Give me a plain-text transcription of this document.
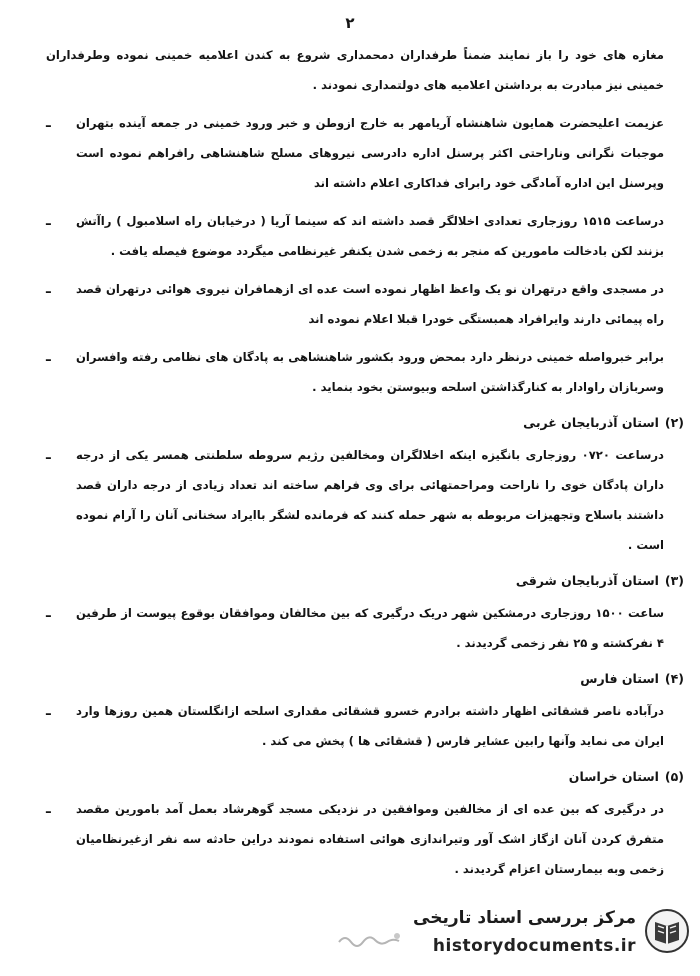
۲
مغازه های خود را باز نمایند ضمناً طرفداران دمحمداری شروع به کندن اعلامیه خمینی نموده وطرفداران خمینی نیز مبادرت به برداشتن اعلامیه های دولتمداری نمودند .
ـ عزیمت اعلیحضرت همایون شاهنشاه آریامهر به خارج ازوطن و خبر ورود خمینی در جمعه آینده بتهران موجبات نگرانی وناراحتی اکثر پرسنل اداره دادرسی نیروهای مسلح شاهنشاهی رافراهم نموده است وپرسنل این اداره آمادگی خود رابرای فداکاری اعلام داشته اند
ـ درساعت ۱۵۱۵ روزجاری تعدادی اخلالگر قصد داشته اند که سینما آریا ( درخیابان راه اسلامبول ) راآتش بزنند لکن بادخالت مامورین که منجر به زخمی شدن یکنفر غیرنظامی میگردد موضوع فیصله یافت .
ـ در مسجدی واقع درتهران نو یک واعظ اظهار نموده است عده ای ازهمافران نیروی هوائی درتهران قصد راه پیمائی دارند وایرافراد همبستگی خودرا قبلا اعلام نموده اند
ـ برابر خبرواصله خمینی درنظر دارد بمحض ورود بکشور شاهنشاهی به پادگان های نظامی رفته وافسران وسربازان راوادار به کنارگذاشتن اسلحه وبیوستن بخود بنماید .
(۲)استان آذربایجان غربی
ـ درساعت ۰۷۲۰ روزجاری بانگیزه اینکه اخلالگران ومخالفین رژیم سروطه سلطنتی همسر یکی از درجه داران پادگان خوی را ناراحت ومراحمتهائی برای وی فراهم ساخته اند تعداد زیادی از درجه داران قصد داشتند باسلاح وتجهیزات مربوطه به شهر حمله کنند که فرمانده لشگر باایراد سخنانی آنان را آرام نموده است .
(۳)استان آذربایجان شرقی
ـ ساعت ۱۵۰۰ روزجاری درمشکین شهر دریک درگیری که بین مخالفان وموافقان بوقوع پیوست از طرفین ۴ نفرکشته و ۲۵ نفر زخمی گردیدند .
(۴)استان فارس
ـ درآباده ناصر قشقائی اظهار داشته برادرم خسرو قشقائی مقداری اسلحه ازانگلستان همین روزها وارد ایران می نماید وآنها رابین عشایر فارس ( قشقائی ها ) پخش می کند .
(۵)استان خراسان
ـ در درگیری که بین عده ای از مخالفین وموافقین در نزدیکی مسجد گوهرشاد بعمل آمد بامورین مقصد متفرق کردن آنان ازگاز اشک آور وتیراندازی هوائی استفاده نمودند دراین حادثه سه نفر ازغیرنظامیان زخمی وبه بیمارستان اعزام گردیدند .
مرکز بررسی اسناد تاریخی
historydocuments.ir
